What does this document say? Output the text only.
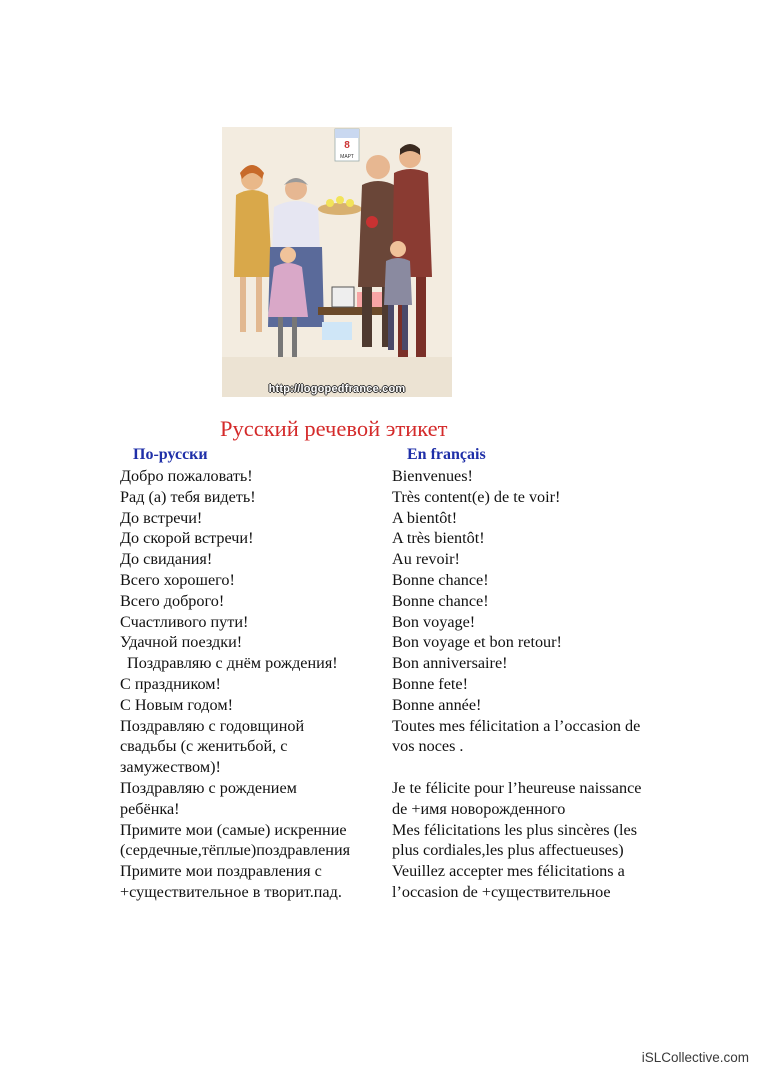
8
МАРТ
http://logopedfrance.com
Русский речевой этикет
По-русски	En français
Добро пожаловать!
Рад (а) тебя видеть!
До встречи!
До скорой встречи!
До свидания!
Всего хорошего!
Всего доброго!
Счастливого пути!
Удачной поездки!
Поздравляю с днём рождения!
С праздником!
С Новым годом!
Поздравляю с годовщиной
свадьбы (с женитьбой, с
замужеством)!
Поздравляю с рождением
ребёнка!
Примите мои (самые) искренние
(сердечные,тёплые)поздравления
Примите мои поздравления с
+существительное в творит.пад.
Bienvenues!
Très content(e) de te voir!
A bientôt!
A très bientôt!
Au revoir!
Bonne chance!
Bonne chance!
Bon voyage!
Bon voyage et bon retour!
Bon anniversaire!
Bonne fete!
Bonne année!
Toutes mes félicitation a l’occasion de
vos noces .

Je te félicite pour l’heureuse naissance
de +имя новорожденного
Mes félicitations les plus sincères (les
plus cordiales,les plus affectueuses)
Veuillez accepter mes félicitations a
l’occasion de +существительное
iSLCollective.com
